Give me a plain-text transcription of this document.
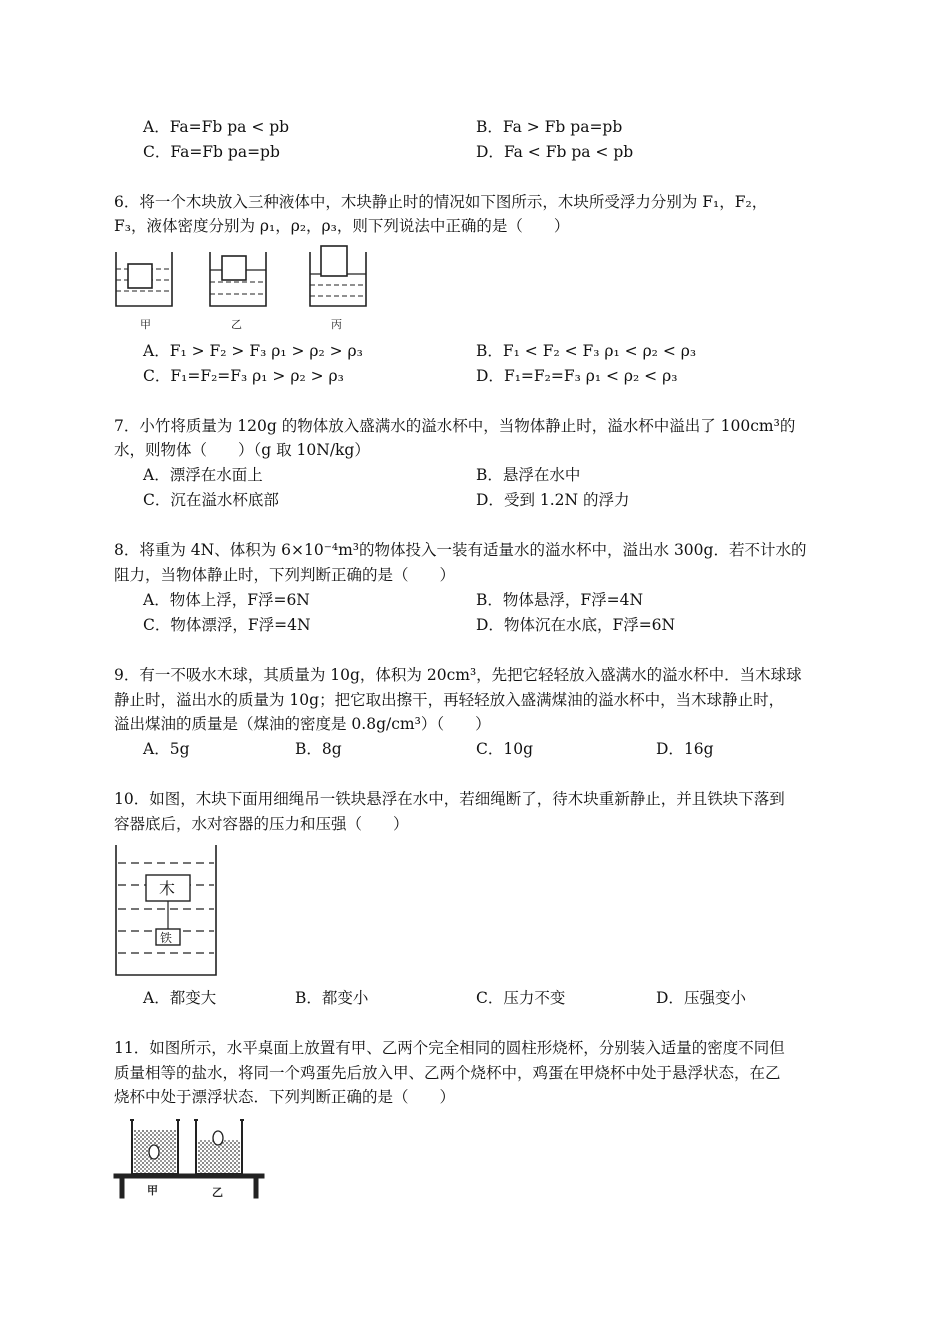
A．Fa=Fb pa < pb	B．Fa > Fb pa=pb
C．Fa=Fb pa=pb	D．Fa < Fb pa < pb
6．将一个木块放入三种液体中，木块静止时的情况如下图所示，木块所受浮力分别为 F₁，F₂，
F₃，液体密度分别为 ρ₁，ρ₂，ρ₃，则下列说法中正确的是（　　）
甲	乙	丙
A．F₁ > F₂ > F₃ ρ₁ > ρ₂ > ρ₃	B．F₁ < F₂ < F₃ ρ₁ < ρ₂ < ρ₃
C．F₁=F₂=F₃ ρ₁ > ρ₂ > ρ₃	D．F₁=F₂=F₃ ρ₁ < ρ₂ < ρ₃
7．小竹将质量为 120g 的物体放入盛满水的溢水杯中，当物体静止时，溢水杯中溢出了 100cm³的
水，则物体（　　）（g 取 10N/kg）
A．漂浮在水面上	B．悬浮在水中
C．沉在溢水杯底部	D．受到 1.2N 的浮力
8．将重为 4N、体积为 6×10⁻⁴m³的物体投入一装有适量水的溢水杯中，溢出水 300g．若不计水的
阻力，当物体静止时，下列判断正确的是（　　）
A．物体上浮，F浮=6N	B．物体悬浮，F浮=4N
C．物体漂浮，F浮=4N	D．物体沉在水底，F浮=6N
9．有一不吸水木球，其质量为 10g，体积为 20cm³，先把它轻轻放入盛满水的溢水杯中．当木球球
静止时，溢出水的质量为 10g；把它取出擦干，再轻轻放入盛满煤油的溢水杯中，当木球静止时，
溢出煤油的质量是（煤油的密度是 0.8g/cm³）（　　）
A．5g	B．8g	C．10g	D．16g
10．如图，木块下面用细绳吊一铁块悬浮在水中，若细绳断了，待木块重新静止，并且铁块下落到
容器底后，水对容器的压力和压强（　　）
木
铁
A．都变大	B．都变小	C．压力不变	D．压强变小
11．如图所示，水平桌面上放置有甲、乙两个完全相同的圆柱形烧杯，分别装入适量的密度不同但
质量相等的盐水，将同一个鸡蛋先后放入甲、乙两个烧杯中，鸡蛋在甲烧杯中处于悬浮状态，在乙
烧杯中处于漂浮状态．下列判断正确的是（　　）
甲	乙
